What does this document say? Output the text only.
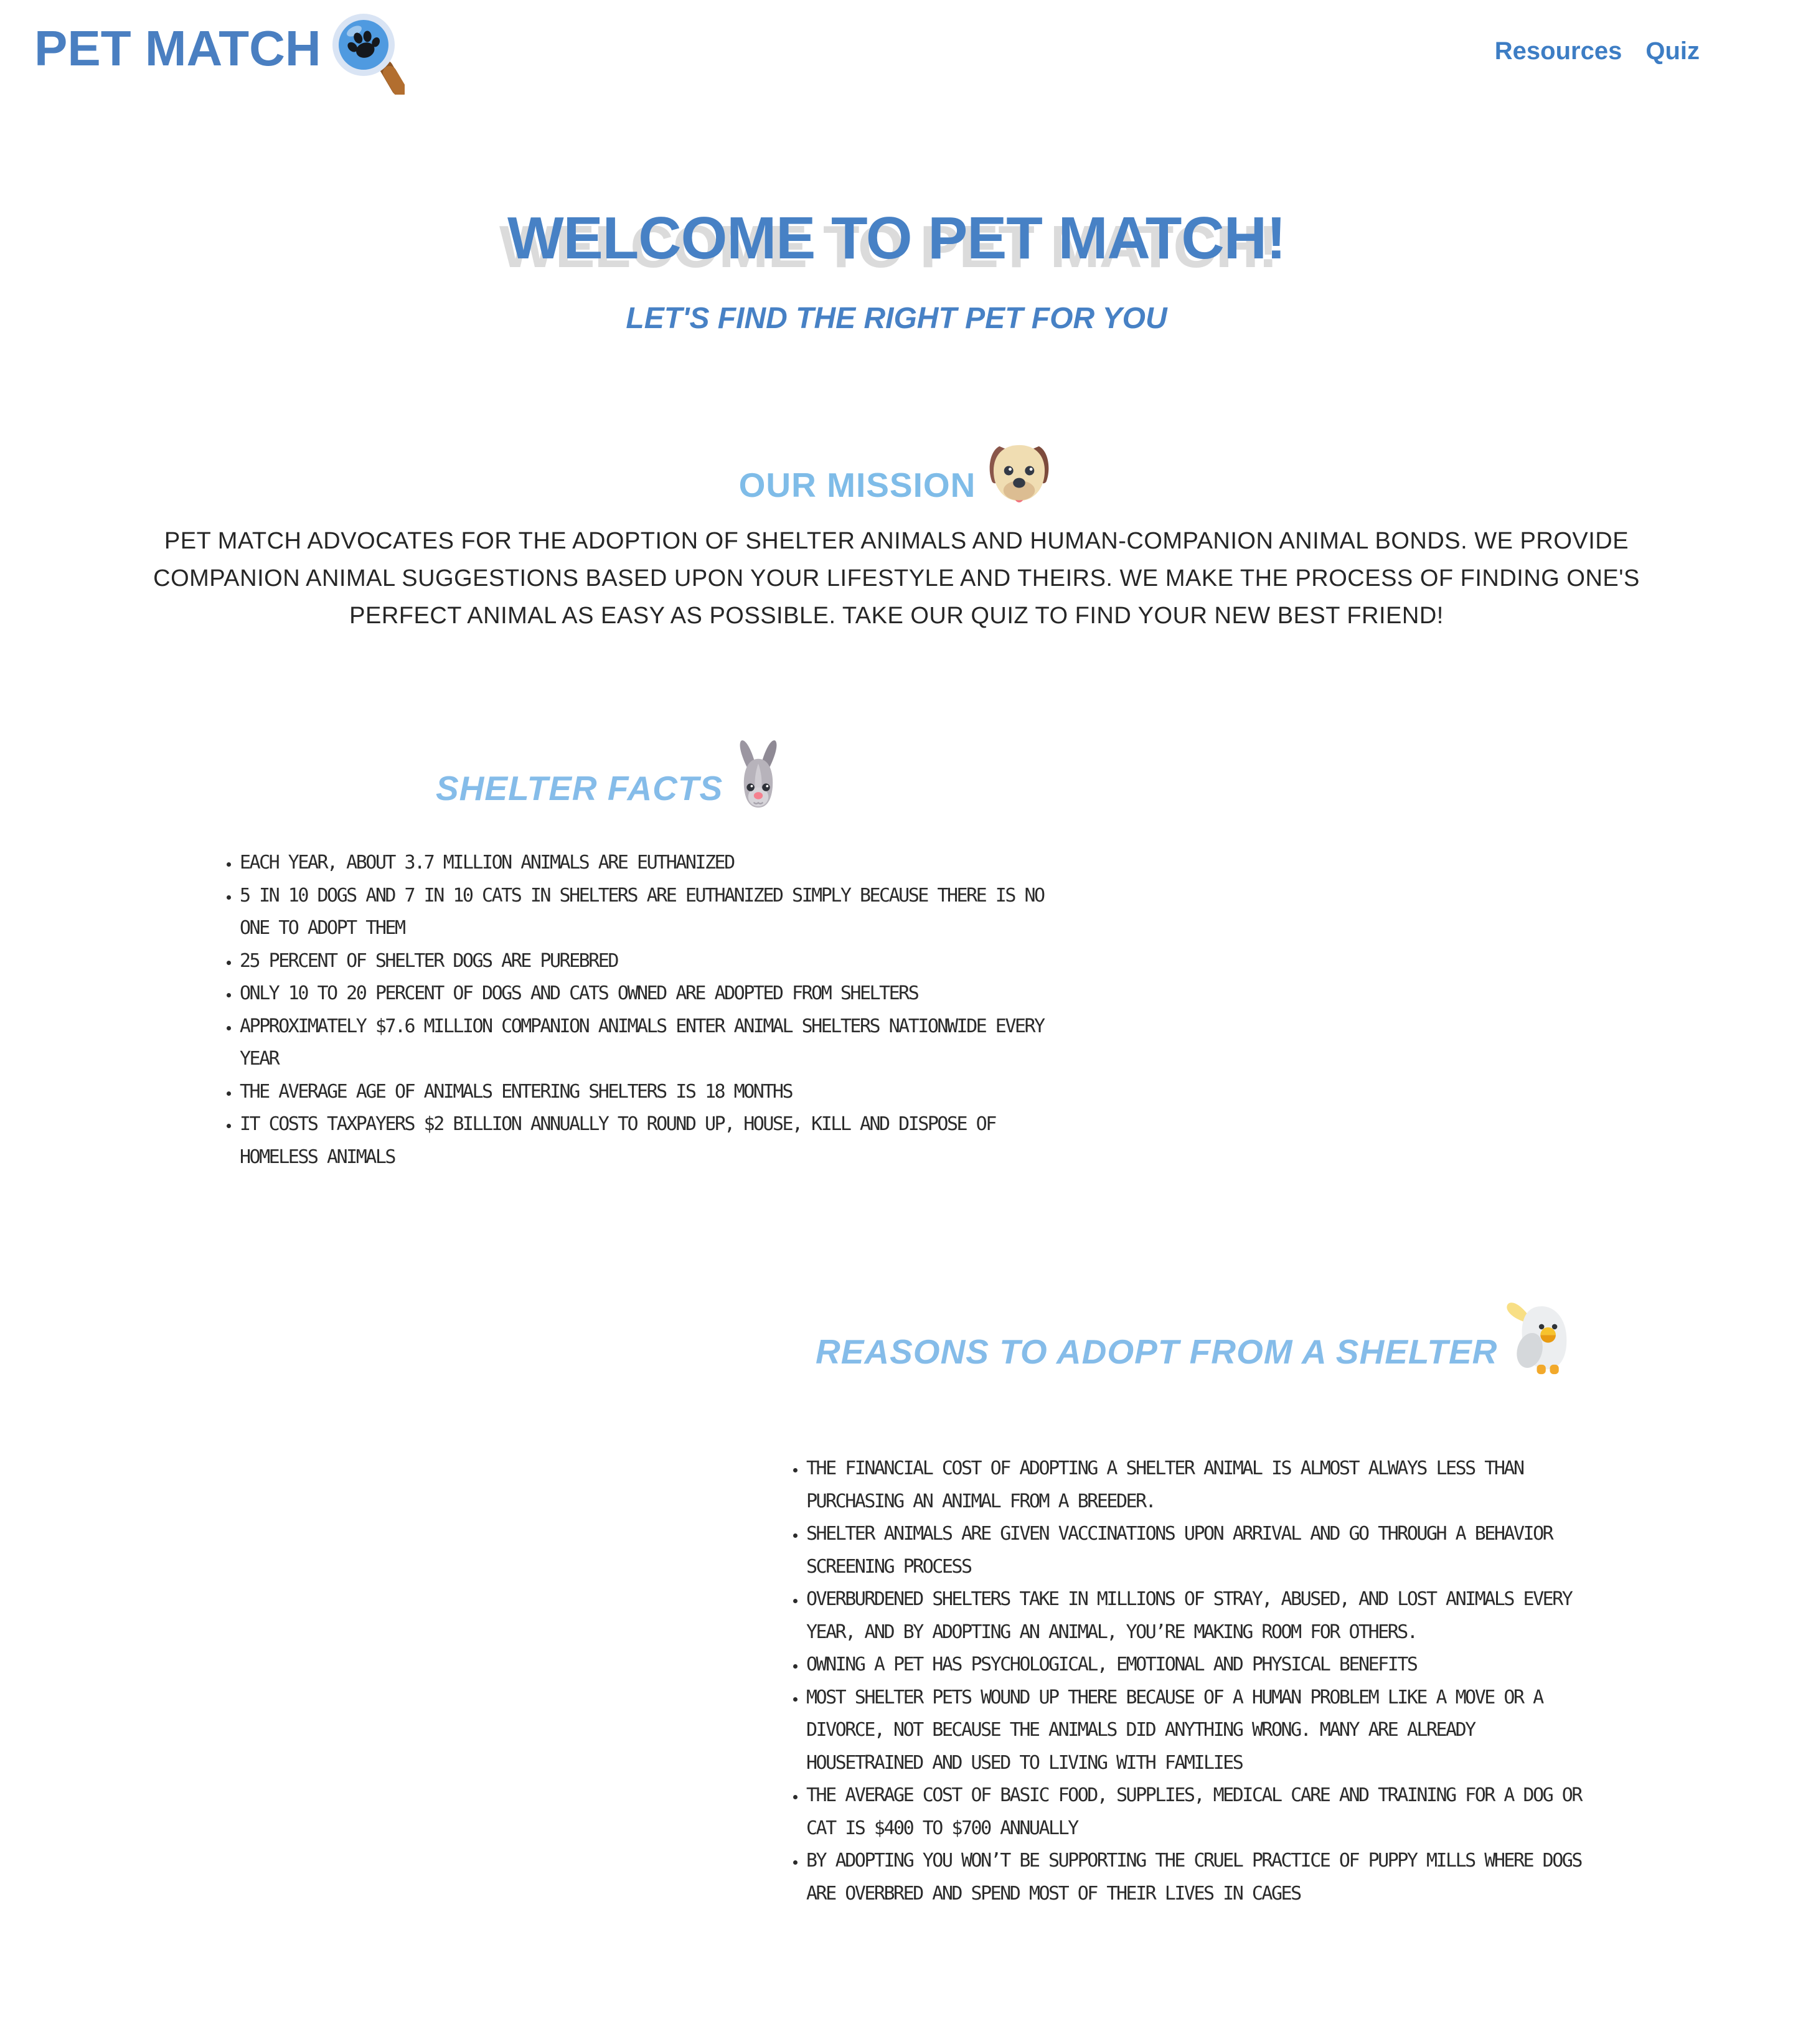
PET MATCH	Resources Quiz
WELCOME TO PET MATCH!

LET'S FIND THE RIGHT PET FOR YOU

OUR MISSION

PET MATCH ADVOCATES FOR THE ADOPTION OF SHELTER ANIMALS AND HUMAN-COMPANION ANIMAL BONDS. WE PROVIDE COMPANION ANIMAL SUGGESTIONS BASED UPON YOUR LIFESTYLE AND THEIRS. WE MAKE THE PROCESS OF FINDING ONE'S PERFECT ANIMAL AS EASY AS POSSIBLE. TAKE OUR QUIZ TO FIND YOUR NEW BEST FRIEND!

SHELTER FACTS
• EACH YEAR, ABOUT 3.7 MILLION ANIMALS ARE EUTHANIZED
• 5 IN 10 DOGS AND 7 IN 10 CATS IN SHELTERS ARE EUTHANIZED SIMPLY BECAUSE THERE IS NO ONE TO ADOPT THEM
• 25 PERCENT OF SHELTER DOGS ARE PUREBRED
• ONLY 10 TO 20 PERCENT OF DOGS AND CATS OWNED ARE ADOPTED FROM SHELTERS
• APPROXIMATELY $7.6 MILLION COMPANION ANIMALS ENTER ANIMAL SHELTERS NATIONWIDE EVERY YEAR
• THE AVERAGE AGE OF ANIMALS ENTERING SHELTERS IS 18 MONTHS
• IT COSTS TAXPAYERS $2 BILLION ANNUALLY TO ROUND UP, HOUSE, KILL AND DISPOSE OF HOMELESS ANIMALS
REASONS TO ADOPT FROM A SHELTER
• THE FINANCIAL COST OF ADOPTING A SHELTER ANIMAL IS ALMOST ALWAYS LESS THAN PURCHASING AN ANIMAL FROM A BREEDER.
• SHELTER ANIMALS ARE GIVEN VACCINATIONS UPON ARRIVAL AND GO THROUGH A BEHAVIOR SCREENING PROCESS
• OVERBURDENED SHELTERS TAKE IN MILLIONS OF STRAY, ABUSED, AND LOST ANIMALS EVERY YEAR, AND BY ADOPTING AN ANIMAL, YOU’RE MAKING ROOM FOR OTHERS.
• OWNING A PET HAS PSYCHOLOGICAL, EMOTIONAL AND PHYSICAL BENEFITS
• MOST SHELTER PETS WOUND UP THERE BECAUSE OF A HUMAN PROBLEM LIKE A MOVE OR A DIVORCE, NOT BECAUSE THE ANIMALS DID ANYTHING WRONG. MANY ARE ALREADY HOUSETRAINED AND USED TO LIVING WITH FAMILIES
• THE AVERAGE COST OF BASIC FOOD, SUPPLIES, MEDICAL CARE AND TRAINING FOR A DOG OR CAT IS $400 TO $700 ANNUALLY
• BY ADOPTING YOU WON’T BE SUPPORTING THE CRUEL PRACTICE OF PUPPY MILLS WHERE DOGS ARE OVERBRED AND SPEND MOST OF THEIR LIVES IN CAGES
